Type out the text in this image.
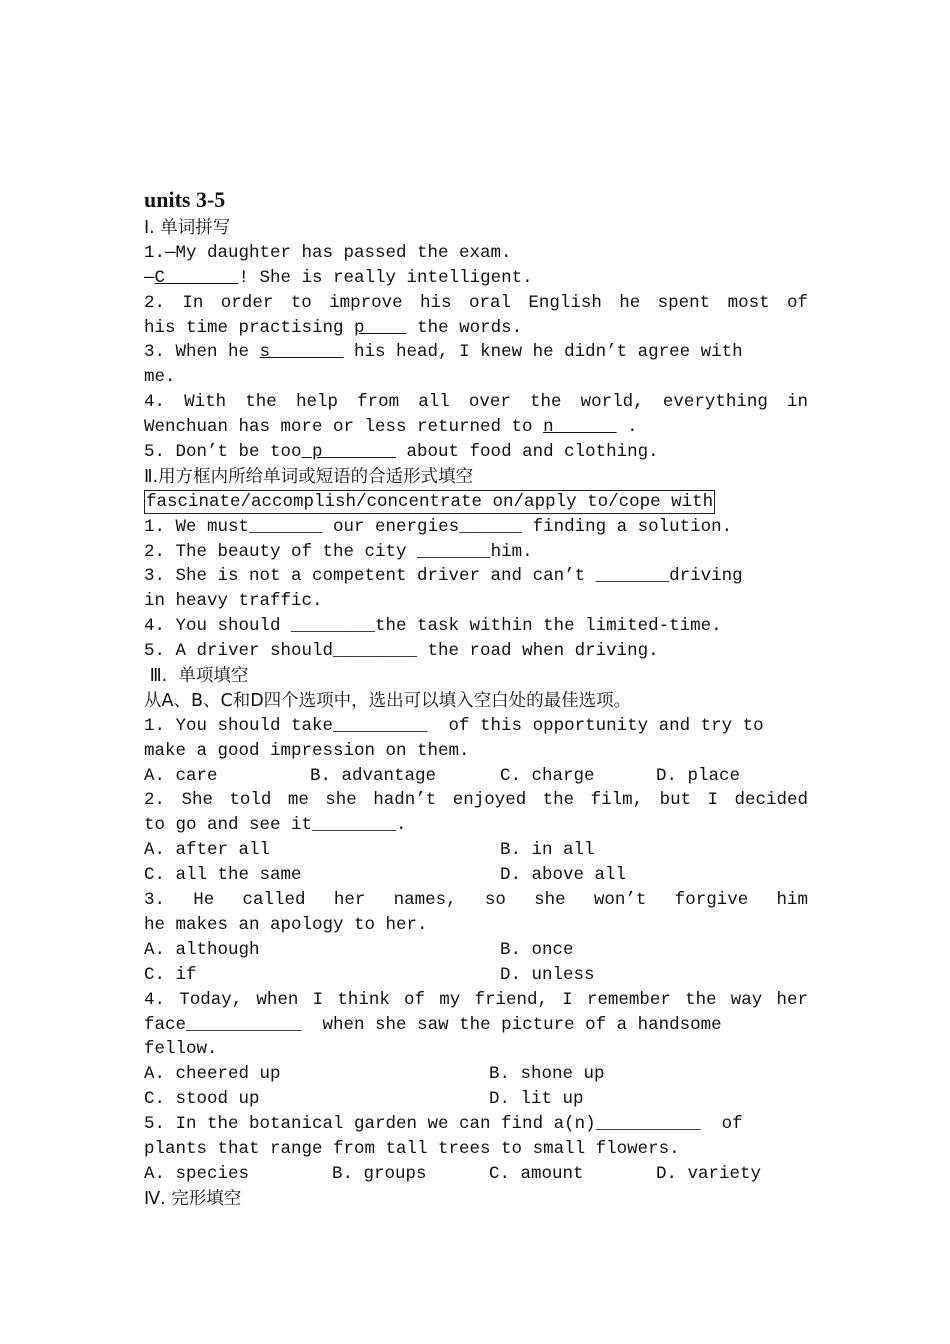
units 3-5
Ⅰ. 单词拼写
1.—My daughter has passed the exam.
—C       ! She is really intelligent.
2. In order to improve his oral English he spent most of
his time practising p     the words.
3. When he s        his head, I knew he didn’t agree with
me.
4. With the help from all over the world, everything in
Wenchuan has more or less returned to n       .
5. Don’t be too p        about food and clothing.
Ⅱ.用方框内所给单词或短语的合适形式填空
fascinate/accomplish/concentrate on/apply to/cope with
1. We must_______ our energies______ finding a solution.
2. The beauty of the city _______him.
3. She is not a competent driver and can’t _______driving
in heavy traffic.
4. You should ________the task within the limited-time.
5. A driver should________ the road when driving.
Ⅲ.  单项填空
从A、B、C和D四个选项中，选出可以填入空白处的最佳选项。
1. You should take_________  of this opportunity and try to
make a good impression on them.
A. care	B. advantage	C. charge	D. place
2. She told me she hadn’t enjoyed the film, but I decided
to go and see it________.
A. after all	B. in all
C. all the same	D. above all
3. He called her names, so she won’t forgive him
he makes an apology to her.
A. although	B. once
C. if	D. unless
4. Today, when I think of my friend, I remember the way her
face___________  when she saw the picture of a handsome
fellow.
A. cheered up	B. shone up
C. stood up	D. lit up
5. In the botanical garden we can find a(n)__________  of
plants that range from tall trees to small flowers.
A. species	B. groups	C. amount	D. variety
Ⅳ. 完形填空
